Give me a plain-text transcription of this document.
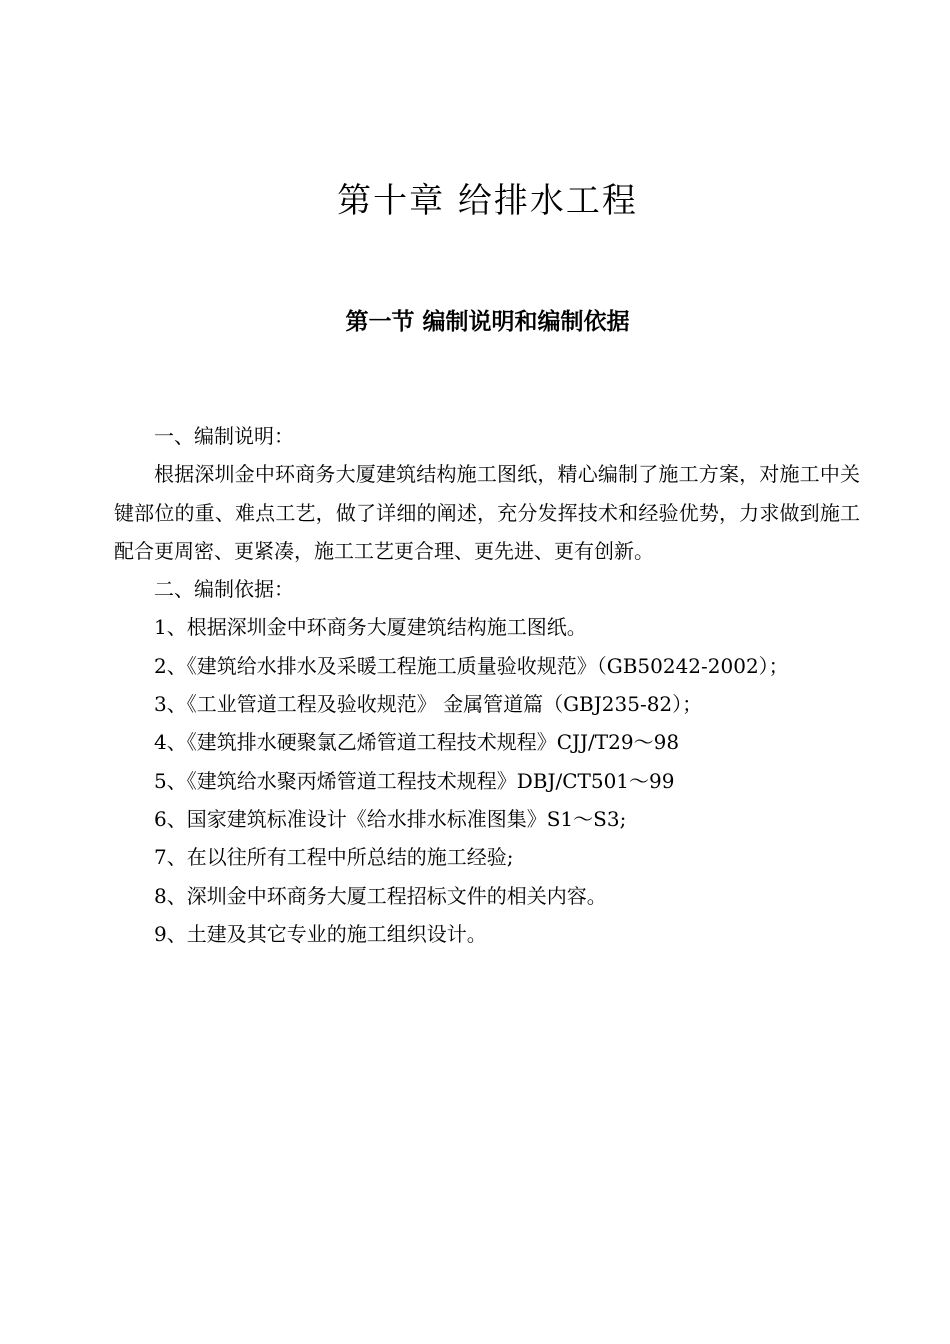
第十章 给排水工程
第一节 编制说明和编制依据

一、编制说明：

根据深圳金中环商务大厦建筑结构施工图纸，精心编制了施工方案，对施工中关键部位的重、难点工艺，做了详细的阐述，充分发挥技术和经验优势，力求做到施工配合更周密、更紧凑，施工工艺更合理、更先进、更有创新。

二、编制依据：

1、根据深圳金中环商务大厦建筑结构施工图纸。

2、《建筑给水排水及采暖工程施工质量验收规范》（GB50242-2002）；

3、《工业管道工程及验收规范》 金属管道篇（GBJ235-82）；

4、《建筑排水硬聚氯乙烯管道工程技术规程》CJJ/T29～98

5、《建筑给水聚丙烯管道工程技术规程》DBJ/CT501～99

6、国家建筑标准设计《给水排水标准图集》S1～S3;

7、在以往所有工程中所总结的施工经验;

8、深圳金中环商务大厦工程招标文件的相关内容。

9、土建及其它专业的施工组织设计。
